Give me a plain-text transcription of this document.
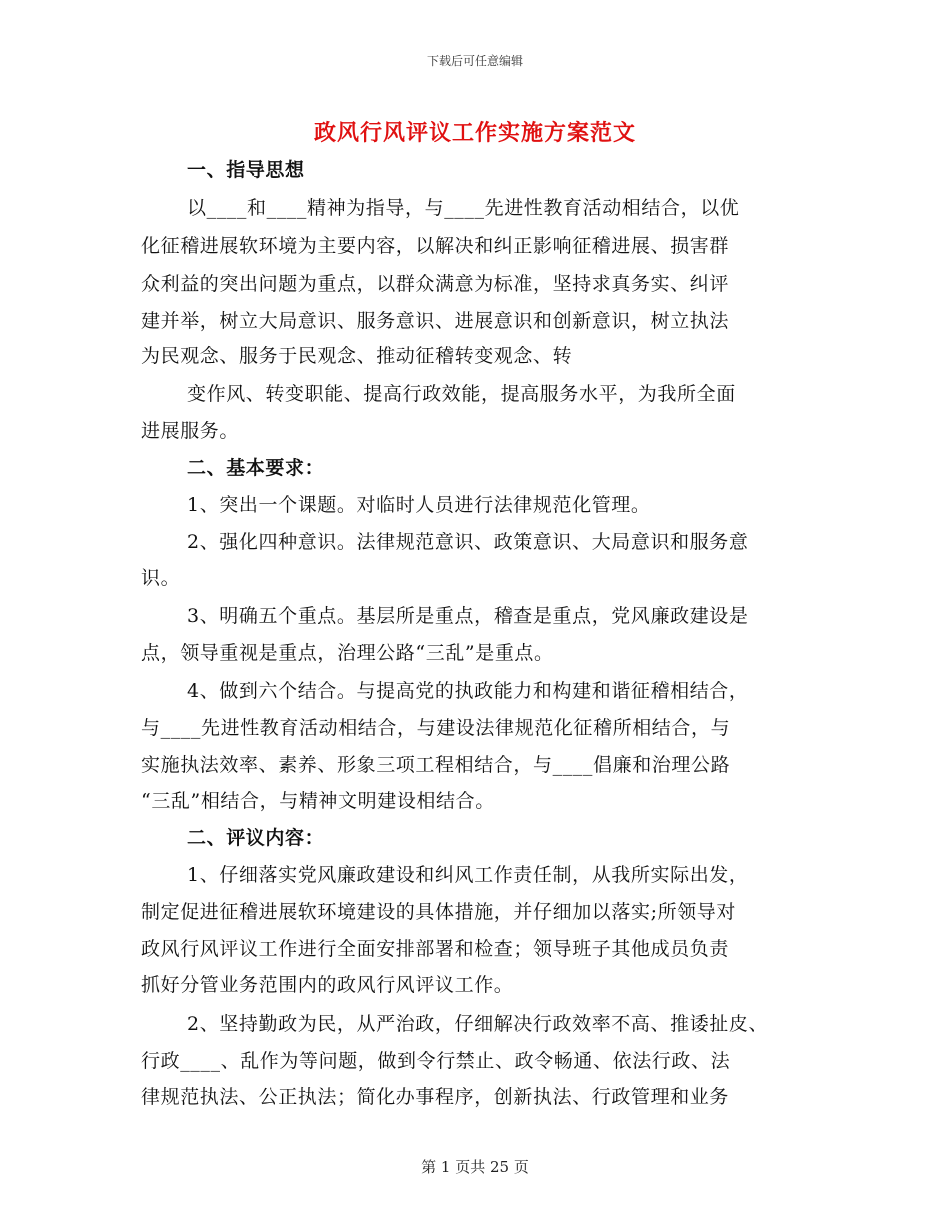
下载后可任意编辑
政风行风评议工作实施方案范文
一、指导思想
以____和____精神为指导，与____先进性教育活动相结合，以优
化征稽进展软环境为主要内容，以解决和纠正影响征稽进展、损害群
众利益的突出问题为重点，以群众满意为标准，坚持求真务实、纠评
建并举，树立大局意识、服务意识、进展意识和创新意识，树立执法
为民观念、服务于民观念、推动征稽转变观念、转
变作风、转变职能、提高行政效能，提高服务水平，为我所全面
进展服务。
二、基本要求：
1、突出一个课题。对临时人员进行法律规范化管理。
2、强化四种意识。法律规范意识、政策意识、大局意识和服务意
识。
3、明确五个重点。基层所是重点，稽查是重点，党风廉政建设是
点，领导重视是重点，治理公路“三乱”是重点。
4、做到六个结合。与提高党的执政能力和构建和谐征稽相结合，
与____先进性教育活动相结合，与建设法律规范化征稽所相结合，与
实施执法效率、素养、形象三项工程相结合，与____倡廉和治理公路
“三乱”相结合，与精神文明建设相结合。
二、评议内容：
1、仔细落实党风廉政建设和纠风工作责任制，从我所实际出发，
制定促进征稽进展软环境建设的具体措施，并仔细加以落实;所领导对
政风行风评议工作进行全面安排部署和检查；领导班子其他成员负责
抓好分管业务范围内的政风行风评议工作。
2、坚持勤政为民，从严治政，仔细解决行政效率不高、推诿扯皮、
行政____、乱作为等问题，做到令行禁止、政令畅通、依法行政、法
律规范执法、公正执法；简化办事程序，创新执法、行政管理和业务
第 1 页共 25 页
